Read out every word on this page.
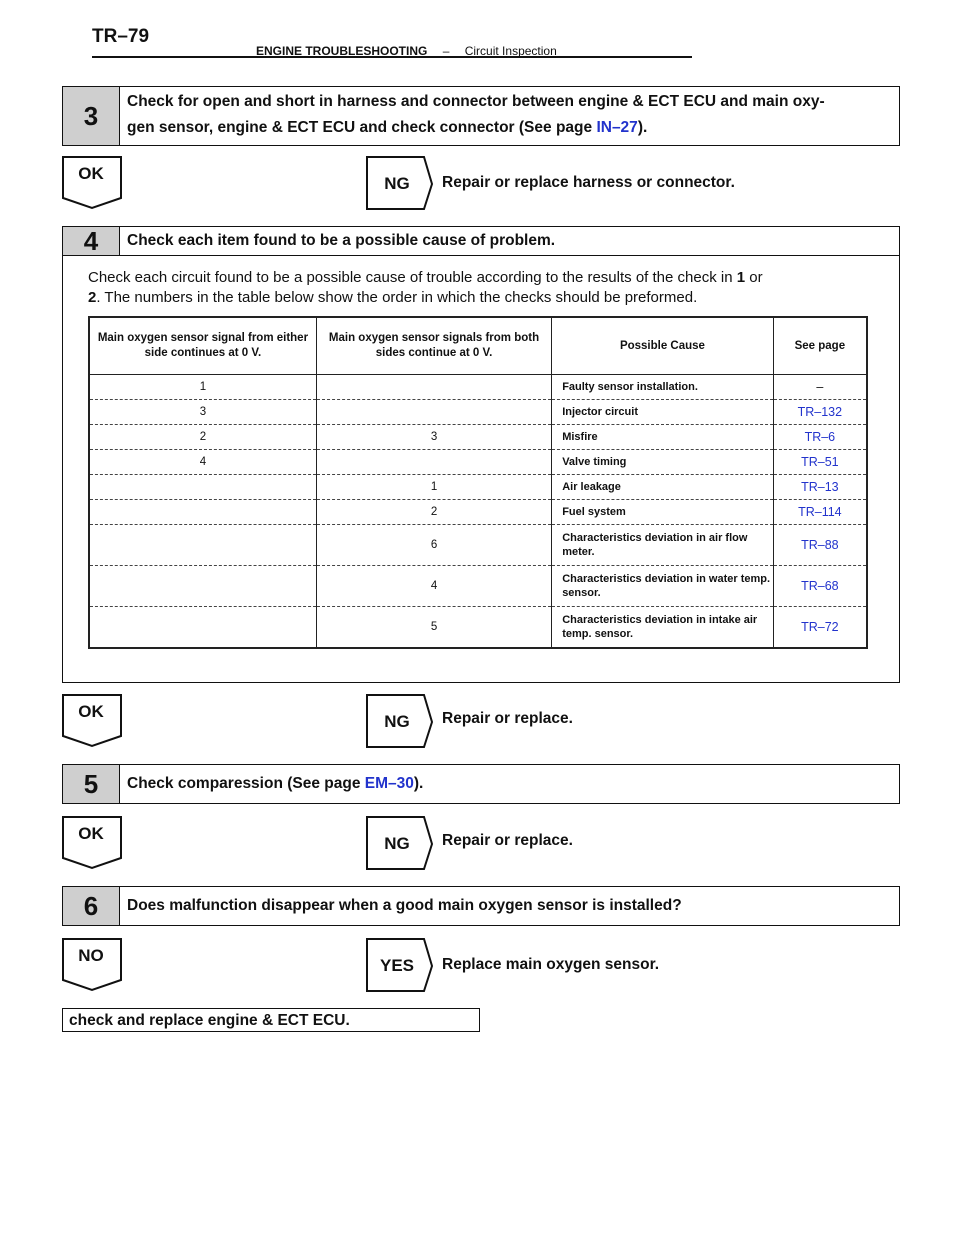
TR–79
ENGINE TROUBLESHOOTING – Circuit Inspection
3	Check for open and short in harness and connector between engine & ECT ECU and main oxy-
gen sensor, engine & ECT ECU and check connector (See page IN–27).
OK
NG	Repair or replace harness or connector.
4	Check each item found to be a possible cause of problem.
Check each circuit found to be a possible cause of trouble according to the results of the check in 1 or
2. The numbers in the table below show the order in which the checks should be preformed.
Main oxygen sensor signal from either side continues at 0 V.	Main oxygen sensor signals from both sides continue at 0 V.	Possible Cause	See page
1		Faulty sensor installation.	–
3		Injector circuit	TR–132
2	3	Misfire	TR–6
4		Valve timing	TR–51
	1	Air leakage	TR–13
	2	Fuel system	TR–114
	6	Characteristics deviation in air flow meter.	TR–88
	4	Characteristics deviation in water temp. sensor.	TR–68
	5	Characteristics deviation in intake air temp. sensor.	TR–72
OK
NG	Repair or replace.
5	Check comparession (See page EM–30).
OK
NG	Repair or replace.
6	Does malfunction disappear when a good main oxygen sensor is installed?
NO
YES	Replace main oxygen sensor.
check and replace engine & ECT ECU.
